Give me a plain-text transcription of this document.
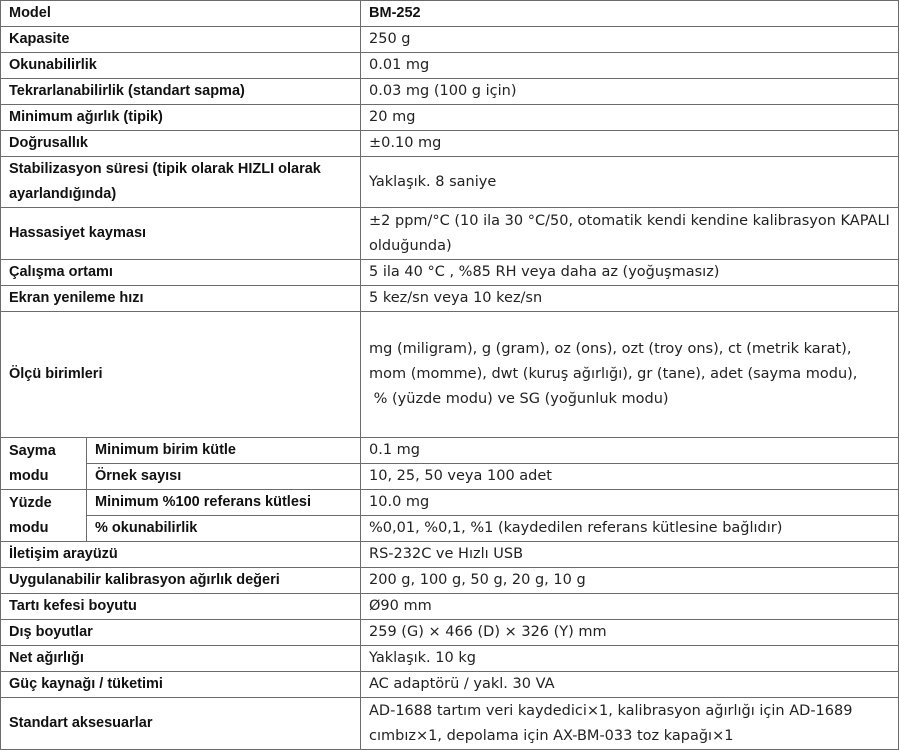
Model		BM-252
Kapasite		250 g
Okunabilirlik		0.01 mg
Tekrarlanabilirlik (standart sapma)		0.03 mg (100 g için)
Minimum ağırlık (tipik)		20 mg
Doğrusallık		±0.10 mg
Stabilizasyon süresi (tipik olarak HIZLI olarak ayarlandığında)		Yaklaşık. 8 saniye
Hassasiyet kayması		±2 ppm/°C (10 ila 30 °C/50, otomatik kendi kendine kalibrasyon KAPALI olduğunda)
Çalışma ortamı		5 ila 40 °C , %85 RH veya daha az (yoğuşmasız)
Ekran yenileme hızı		5 kez/sn veya 10 kez/sn
Ölçü birimleri		mg (miligram), g (gram), oz (ons), ozt (troy ons), ct (metrik karat),
mom (momme), dwt (kuruş ağırlığı), gr (tane), adet (sayma modu),
% (yüzde modu) ve SG (yoğunluk modu)

Sayma modu	Minimum birim kütle	0.1 mg
	Örnek sayısı	10, 25, 50 veya 100 adet
Yüzde modu	Minimum %100 referans kütlesi	10.0 mg
	% okunabilirlik	%0,01, %0,1, %1 (kaydedilen referans kütlesine bağlıdır)
İletişim arayüzü		RS-232C ve Hızlı USB
Uygulanabilir kalibrasyon ağırlık değeri		200 g, 100 g, 50 g, 20 g, 10 g
Tartı kefesi boyutu		Ø90 mm
Dış boyutlar		259 (G) × 466 (D) × 326 (Y) mm
Net ağırlığı		Yaklaşık. 10 kg
Güç kaynağı / tüketimi		AC adaptörü / yakl. 30 VA
Standart aksesuarlar		AD-1688 tartım veri kaydedici×1, kalibrasyon ağırlığı için AD-1689 cımbız×1, depolama için AX-BM-033 toz kapağı×1
